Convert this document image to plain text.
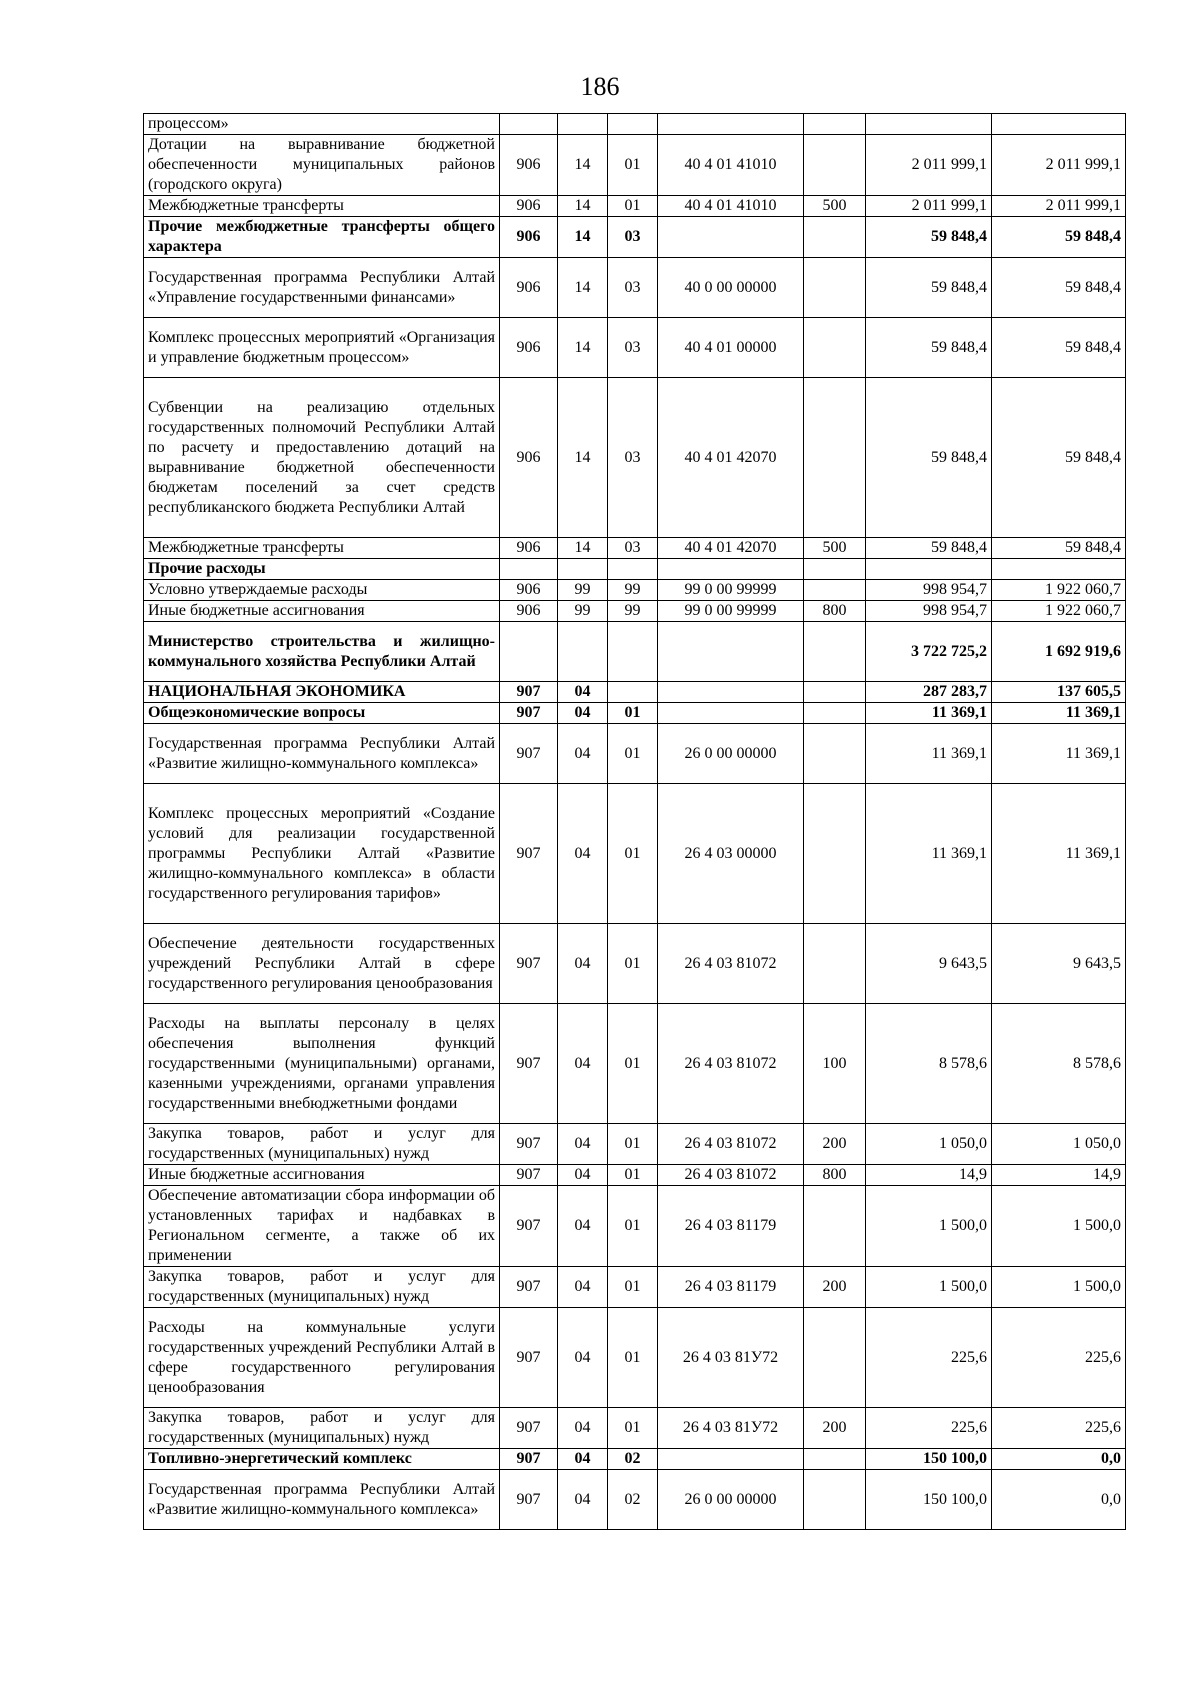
186
процессом»							
Дотации на выравнивание бюджетной обеспеченности муниципальных районов (городского округа)	906	14	01	40 4 01 41010		2 011 999,1	2 011 999,1
Межбюджетные трансферты	906	14	01	40 4 01 41010	500	2 011 999,1	2 011 999,1
Прочие межбюджетные трансферты общего характера	906	14	03			59 848,4	59 848,4
Государственная программа Республики Алтай «Управление государственными финансами»	906	14	03	40 0 00 00000		59 848,4	59 848,4
Комплекс процессных мероприятий «Организация и управление бюджетным процессом»	906	14	03	40 4 01 00000		59 848,4	59 848,4
Субвенции на реализацию отдельных государственных полномочий Республики Алтай по расчету и предоставлению дотаций на выравнивание бюджетной обеспеченности бюджетам поселений за счет средств республиканского бюджета Республики Алтай	906	14	03	40 4 01 42070		59 848,4	59 848,4
Межбюджетные трансферты	906	14	03	40 4 01 42070	500	59 848,4	59 848,4
Прочие расходы							
Условно утверждаемые расходы	906	99	99	99 0 00 99999		998 954,7	1 922 060,7
Иные бюджетные ассигнования	906	99	99	99 0 00 99999	800	998 954,7	1 922 060,7
Министерство строительства и жилищно-коммунального хозяйства Республики Алтай						3 722 725,2	1 692 919,6
НАЦИОНАЛЬНАЯ ЭКОНОМИКА	907	04				287 283,7	137 605,5
Общеэкономические вопросы	907	04	01			11 369,1	11 369,1
Государственная программа Республики Алтай «Развитие жилищно-коммунального комплекса»	907	04	01	26 0 00 00000		11 369,1	11 369,1
Комплекс процессных мероприятий «Создание условий для реализации государственной программы Республики Алтай «Развитие жилищно-коммунального комплекса» в области государственного регулирования тарифов»	907	04	01	26 4 03 00000		11 369,1	11 369,1
Обеспечение деятельности государственных учреждений Республики Алтай в сфере государственного регулирования ценообразования	907	04	01	26 4 03 81072		9 643,5	9 643,5
Расходы на выплаты персоналу в целях обеспечения выполнения функций государственными (муниципальными) органами, казенными учреждениями, органами управления государственными внебюджетными фондами	907	04	01	26 4 03 81072	100	8 578,6	8 578,6
Закупка товаров, работ и услуг для государственных (муниципальных) нужд	907	04	01	26 4 03 81072	200	1 050,0	1 050,0
Иные бюджетные ассигнования	907	04	01	26 4 03 81072	800	14,9	14,9
Обеспечение автоматизации сбора информации об установленных тарифах и надбавках в Региональном сегменте, а также об их применении	907	04	01	26 4 03 81179		1 500,0	1 500,0
Закупка товаров, работ и услуг для государственных (муниципальных) нужд	907	04	01	26 4 03 81179	200	1 500,0	1 500,0
Расходы на коммунальные услуги государственных учреждений Республики Алтай в сфере государственного регулирования ценообразования	907	04	01	26 4 03 81У72		225,6	225,6
Закупка товаров, работ и услуг для государственных (муниципальных) нужд	907	04	01	26 4 03 81У72	200	225,6	225,6
Топливно-энергетический комплекс	907	04	02			150 100,0	0,0
Государственная программа Республики Алтай «Развитие жилищно-коммунального комплекса»	907	04	02	26 0 00 00000		150 100,0	0,0
